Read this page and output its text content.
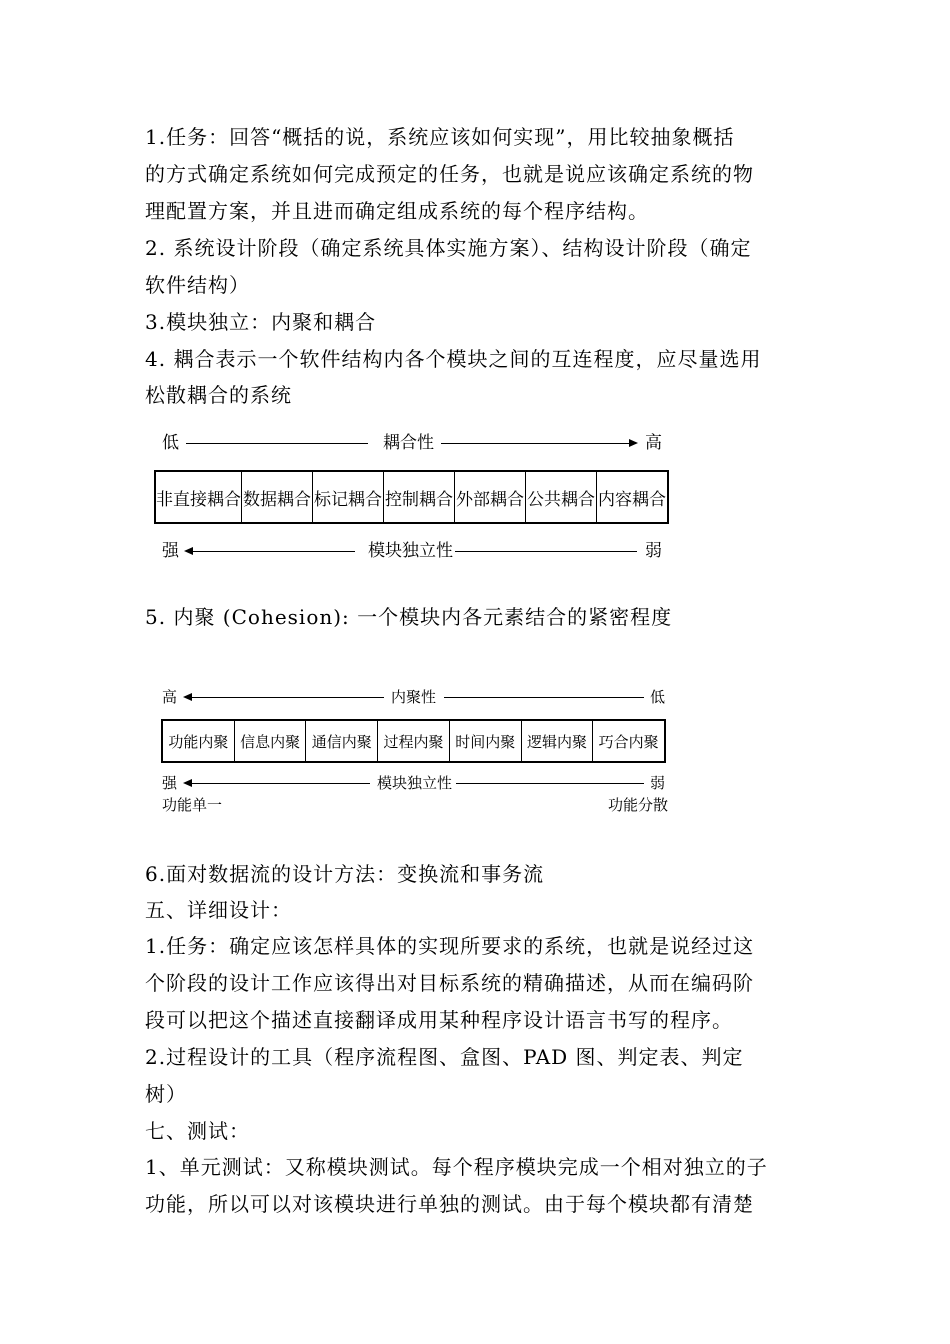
1.任务：回答“概括的说，系统应该如何实现”，用比较抽象概括
的方式确定系统如何完成预定的任务，也就是说应该确定系统的物
理配置方案，并且进而确定组成系统的每个程序结构。
2. 系统设计阶段（确定系统具体实施方案）、结构设计阶段（确定
软件结构）
3.模块独立：内聚和耦合
4. 耦合表示一个软件结构内各个模块之间的互连程度，应尽量选用
松散耦合的系统
低	耦合性	高
非直接耦合 数据耦合 标记耦合 控制耦合 外部耦合 公共耦合 内容耦合
强	模块独立性	弱
5. 内聚 (Cohesion): 一个模块内各元素结合的紧密程度
高	内聚性	低
功能内聚 信息内聚 通信内聚 过程内聚 时间内聚 逻辑内聚 巧合内聚
强	模块独立性	弱
功能单一	功能分散
6.面对数据流的设计方法：变换流和事务流
五、详细设计：
1.任务：确定应该怎样具体的实现所要求的系统，也就是说经过这
个阶段的设计工作应该得出对目标系统的精确描述，从而在编码阶
段可以把这个描述直接翻译成用某种程序设计语言书写的程序。
2.过程设计的工具（程序流程图、盒图、PAD 图、判定表、判定
树）
七、测试：
1、单元测试：又称模块测试。每个程序模块完成一个相对独立的子
功能，所以可以对该模块进行单独的测试。由于每个模块都有清楚
